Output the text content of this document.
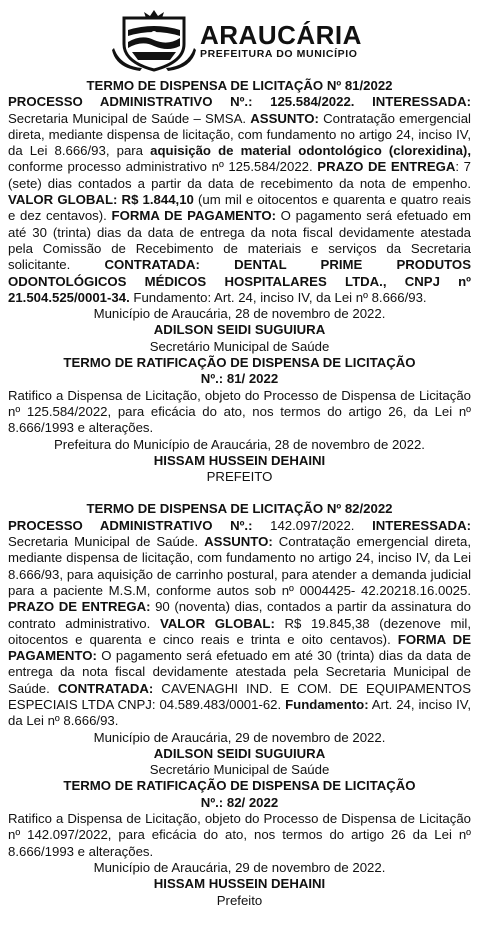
ARAUCÁRIA
PREFEITURA DO MUNICÍPIO

TERMO DE DISPENSA DE LICITAÇÃO Nº 81/2022

PROCESSO ADMINISTRATIVO Nº.: 125.584/2022. INTERESSADA: Secretaria Municipal de Saúde – SMSA. ASSUNTO: Contratação emergencial direta, mediante dispensa de licitação, com fundamento no artigo 24, inciso IV, da Lei 8.666/93, para aquisição de material odontológico (clorexidina), conforme processo administrativo nº 125.584/2022. PRAZO DE ENTREGA: 7 (sete) dias contados a partir da data de recebimento da nota de empenho. VALOR GLOBAL: R$ 1.844,10 (um mil e oitocentos e quarenta e quatro reais e dez centavos). FORMA DE PAGAMENTO: O pagamento será efetuado em até 30 (trinta) dias da data de entrega da nota fiscal devidamente atestada pela Comissão de Recebimento de materiais e serviços da Secretaria solicitante. CONTRATADA: DENTAL PRIME PRODUTOS ODONTOLÓGICOS MÉDICOS HOSPITALARES LTDA., CNPJ nº 21.504.525/0001-34. Fundamento: Art. 24, inciso IV, da Lei nº 8.666/93.

Município de Araucária, 28 de novembro de 2022.

ADILSON SEIDI SUGUIURA

Secretário Municipal de Saúde

TERMO DE RATIFICAÇÃO DE DISPENSA DE LICITAÇÃO

Nº.: 81/ 2022

Ratifico a Dispensa de Licitação, objeto do Processo de Dispensa de Licitação nº 125.584/2022, para eficácia do ato, nos termos do artigo 26, da Lei nº 8.666/1993 e alterações.

Prefeitura do Município de Araucária, 28 de novembro de 2022.

HISSAM HUSSEIN DEHAINI

PREFEITO

TERMO DE DISPENSA DE LICITAÇÃO Nº 82/2022

PROCESSO ADMINISTRATIVO Nº.: 142.097/2022. INTERESSADA: Secretaria Municipal de Saúde. ASSUNTO: Contratação emergencial direta, mediante dispensa de licitação, com fundamento no artigo 24, inciso IV, da Lei 8.666/93, para aquisição de carrinho postural, para atender a demanda judicial para a paciente M.S.M, conforme autos sob nº 0004425- 42.20218.16.0025. PRAZO DE ENTREGA: 90 (noventa) dias, contados a partir da assinatura do contrato administrativo. VALOR GLOBAL: R$ 19.845,38 (dezenove mil, oitocentos e quarenta e cinco reais e trinta e oito centavos). FORMA DE PAGAMENTO: O pagamento será efetuado em até 30 (trinta) dias da data de entrega da nota fiscal devidamente atestada pela Secretaria Municipal de Saúde. CONTRATADA: CAVENAGHI IND. E COM. DE EQUIPAMENTOS ESPECIAIS LTDA CNPJ: 04.589.483/0001-62. Fundamento: Art. 24, inciso IV, da Lei nº 8.666/93.

Município de Araucária, 29 de novembro de 2022.

ADILSON SEIDI SUGUIURA

Secretário Municipal de Saúde

TERMO DE RATIFICAÇÃO DE DISPENSA DE LICITAÇÃO

Nº.: 82/ 2022

Ratifico a Dispensa de Licitação, objeto do Processo de Dispensa de Licitação nº 142.097/2022, para eficácia do ato, nos termos do artigo 26 da Lei nº 8.666/1993 e alterações.

Município de Araucária, 29 de novembro de 2022.

HISSAM HUSSEIN DEHAINI

Prefeito
